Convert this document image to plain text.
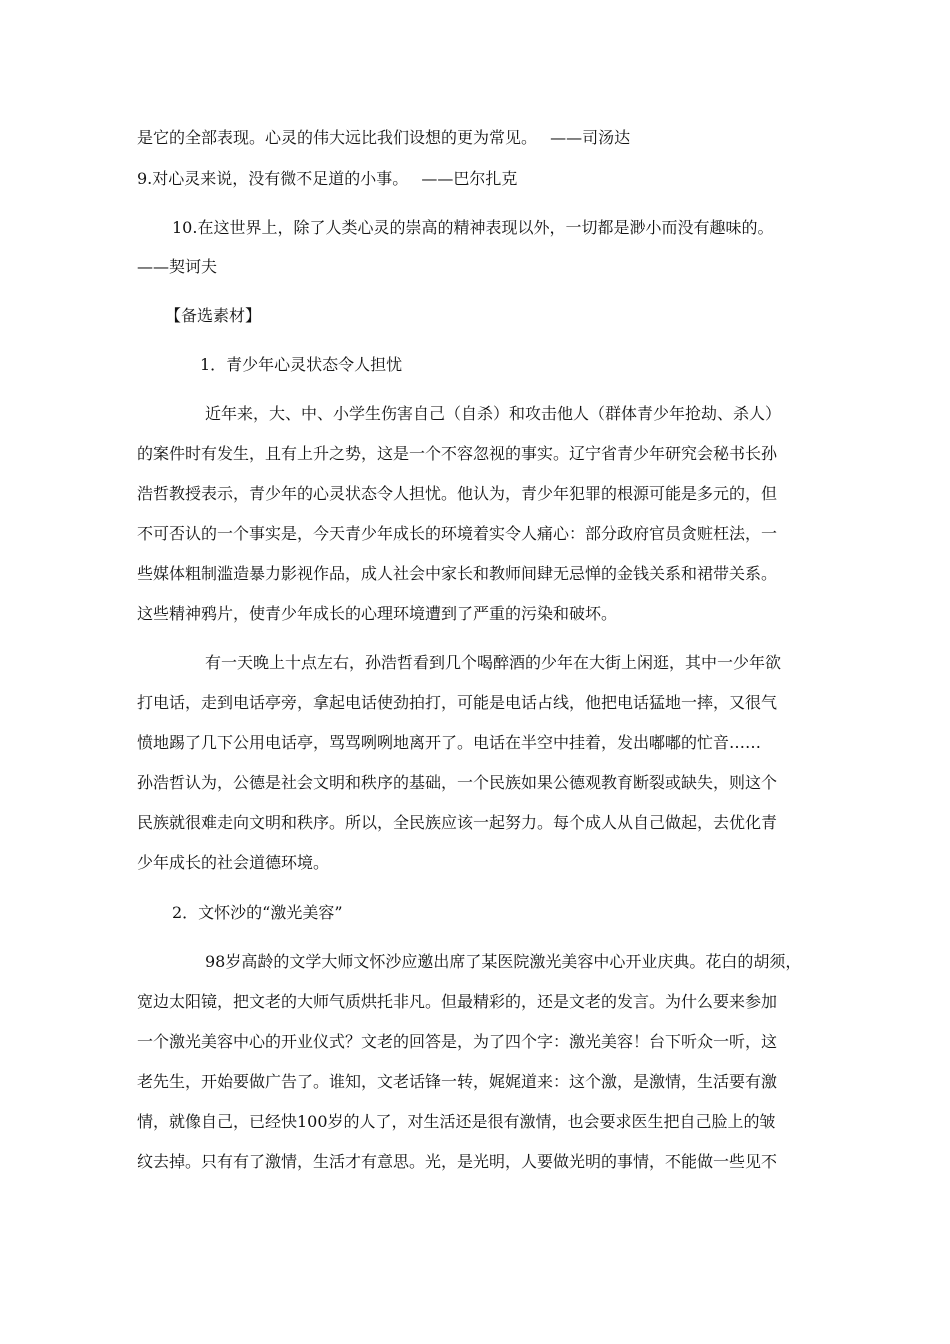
是它的全部表现。心灵的伟大远比我们设想的更为常见。　 ——司汤达
9.对心灵来说，没有微不足道的小事。　 ——巴尔扎克
10.在这世界上，除了人类心灵的崇高的精神表现以外，一切都是渺小而没有趣味的。
——契诃夫
【备选素材】
1．青少年心灵状态令人担忧
近年来，大、中、小学生伤害自己（自杀）和攻击他人（群体青少年抢劫、杀人）
的案件时有发生，且有上升之势，这是一个不容忽视的事实。辽宁省青少年研究会秘书长孙
浩哲教授表示，青少年的心灵状态令人担忧。他认为，青少年犯罪的根源可能是多元的，但
不可否认的一个事实是，今天青少年成长的环境着实令人痛心：部分政府官员贪赃枉法，一
些媒体粗制滥造暴力影视作品，成人社会中家长和教师间肆无忌惮的金钱关系和裙带关系。
这些精神鸦片，使青少年成长的心理环境遭到了严重的污染和破坏。
有一天晚上十点左右，孙浩哲看到几个喝醉酒的少年在大街上闲逛，其中一少年欲
打电话，走到电话亭旁，拿起电话使劲拍打，可能是电话占线，他把电话猛地一摔，又很气
愤地踢了几下公用电话亭，骂骂咧咧地离开了。电话在半空中挂着，发出嘟嘟的忙音……
孙浩哲认为，公德是社会文明和秩序的基础，一个民族如果公德观教育断裂或缺失，则这个
民族就很难走向文明和秩序。所以，全民族应该一起努力。每个成人从自己做起，去优化青
少年成长的社会道德环境。
2．文怀沙的“激光美容”
98岁高龄的文学大师文怀沙应邀出席了某医院激光美容中心开业庆典。花白的胡须，
宽边太阳镜，把文老的大师气质烘托非凡。但最精彩的，还是文老的发言。为什么要来参加
一个激光美容中心的开业仪式？文老的回答是，为了四个字：激光美容！台下听众一听，这
老先生，开始要做广告了。谁知，文老话锋一转，娓娓道来：这个激，是激情，生活要有激
情，就像自己，已经快100岁的人了，对生活还是很有激情，也会要求医生把自己脸上的皱
纹去掉。只有有了激情，生活才有意思。光，是光明，人要做光明的事情，不能做一些见不
